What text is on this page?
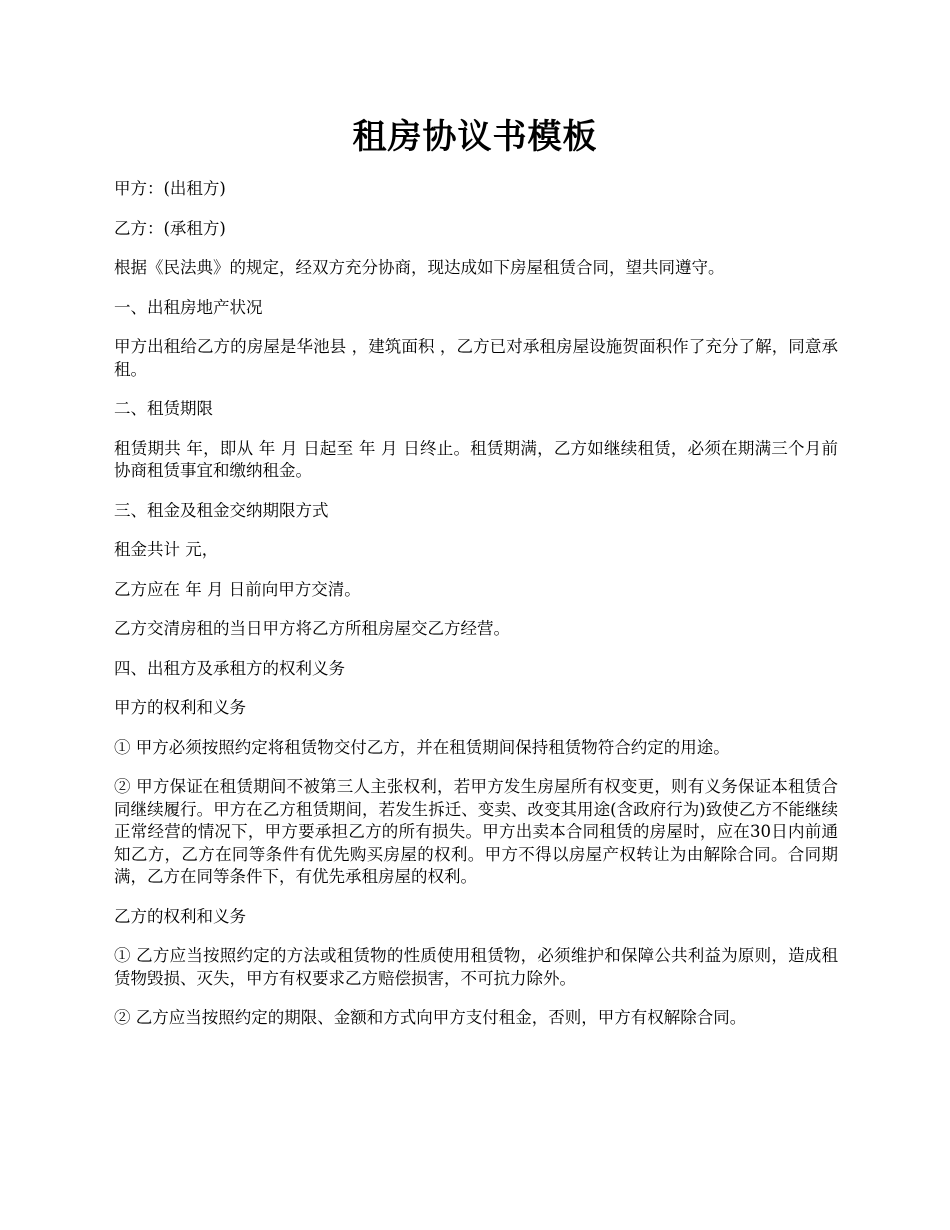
租房协议书模板

甲方：(出租方)

乙方：(承租方)

根据《民法典》的规定，经双方充分协商，现达成如下房屋租赁合同，望共同遵守。

一、出租房地产状况

甲方出租给乙方的房屋是华池县 ，建筑面积 ，乙方已对承租房屋设施贺面积作了充分了解，同意承租。

二、租赁期限

租赁期共 年，即从 年 月 日起至 年 月 日终止。租赁期满，乙方如继续租赁，必须在期满三个月前协商租赁事宜和缴纳租金。

三、租金及租金交纳期限方式

租金共计 元，

乙方应在 年 月 日前向甲方交清。

乙方交清房租的当日甲方将乙方所租房屋交乙方经营。

四、出租方及承租方的权利义务

甲方的权利和义务

① 甲方必须按照约定将租赁物交付乙方，并在租赁期间保持租赁物符合约定的用途。

② 甲方保证在租赁期间不被第三人主张权利，若甲方发生房屋所有权变更，则有义务保证本租赁合同继续履行。甲方在乙方租赁期间，若发生拆迁、变卖、改变其用途(含政府行为)致使乙方不能继续正常经营的情况下，甲方要承担乙方的所有损失。甲方出卖本合同租赁的房屋时，应在30日内前通知乙方，乙方在同等条件有优先购买房屋的权利。甲方不得以房屋产权转让为由解除合同。合同期满，乙方在同等条件下，有优先承租房屋的权利。

乙方的权利和义务

① 乙方应当按照约定的方法或租赁物的性质使用租赁物，必须维护和保障公共利益为原则，造成租赁物毁损、灭失，甲方有权要求乙方赔偿损害，不可抗力除外。

② 乙方应当按照约定的期限、金额和方式向甲方支付租金，否则，甲方有权解除合同。
